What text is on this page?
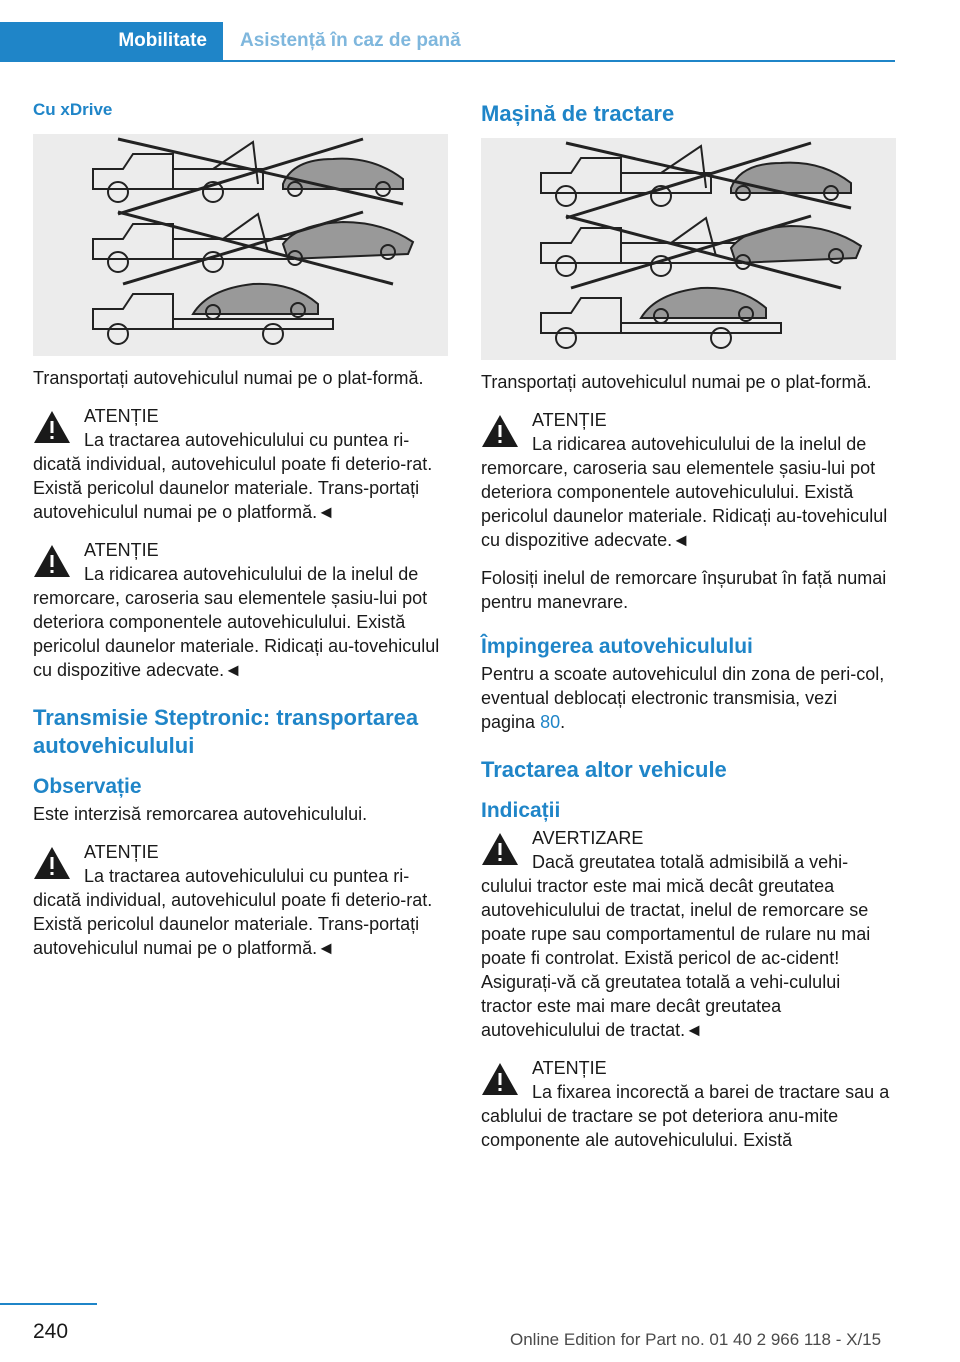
Mobilitate	Asistență în caz de pană
Cu xDrive

Transportați autovehiculul numai pe o plat-formă.

ATENȚIE
La tractarea autovehiculului cu puntea ri-dicată individual, autovehiculul poate fi deterio-rat. Există pericolul daunelor materiale. Trans-portați autovehiculul numai pe o platformă.◄
ATENȚIE
La ridicarea autovehiculului de la inelul de remorcare, caroseria sau elementele șasiu-lui pot deteriora componentele autovehiculului. Există pericolul daunelor materiale. Ridicați au-tovehiculul cu dispozitive adecvate.◄
Transmisie Steptronic: transportarea autovehiculului
Observație

Este interzisă remorcarea autovehiculului.

ATENȚIE
La tractarea autovehiculului cu puntea ri-dicată individual, autovehiculul poate fi deterio-rat. Există pericolul daunelor materiale. Trans-portați autovehiculul numai pe o platformă.◄
Mașină de tractare

Transportați autovehiculul numai pe o plat-formă.

ATENȚIE
La ridicarea autovehiculului de la inelul de remorcare, caroseria sau elementele șasiu-lui pot deteriora componentele autovehiculului. Există pericolul daunelor materiale. Ridicați au-tovehiculul cu dispozitive adecvate.◄

Folosiți inelul de remorcare înșurubat în față numai pentru manevrare.

Împingerea autovehiculului

Pentru a scoate autovehiculul din zona de peri-col, eventual deblocați electronic transmisia, vezi pagina 80.

Tractarea altor vehicule
Indicații
AVERTIZARE
Dacă greutatea totală admisibilă a vehi-culului tractor este mai mică decât greutatea autovehiculului de tractat, inelul de remorcare se poate rupe sau comportamentul de rulare nu mai poate fi controlat. Există pericol de ac-cident! Asigurați-vă că greutatea totală a vehi-culului tractor este mai mare decât greutatea autovehiculului de tractat.◄
ATENȚIE
La fixarea incorectă a barei de tractare sau a cablului de tractare se pot deteriora anu-mite componente ale autovehiculului. Există
240	Online Edition for Part no. 01 40 2 966 118 - X/15
